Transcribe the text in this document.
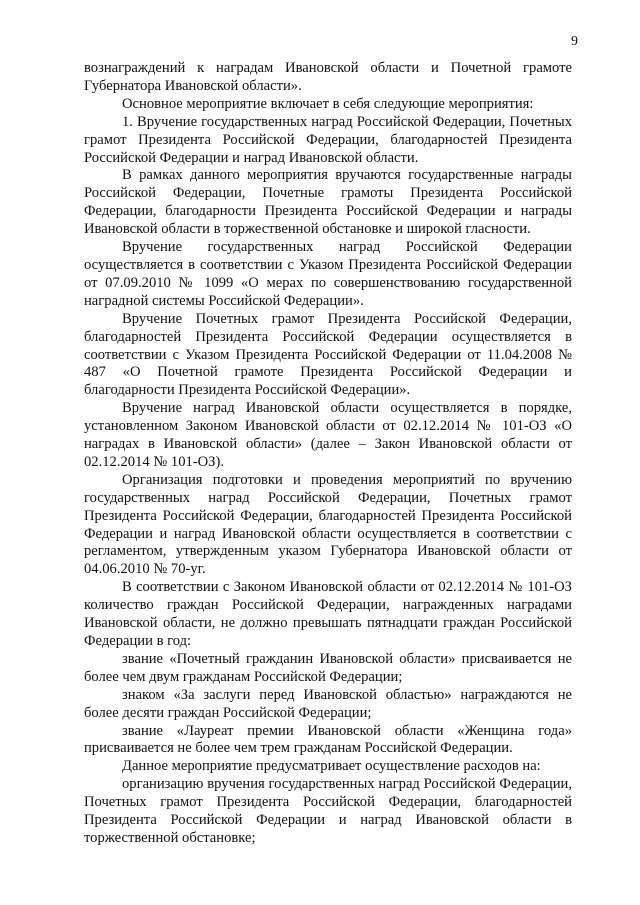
9

вознаграждений к наградам Ивановской области и Почетной грамоте Губернатора Ивановской области».

Основное мероприятие включает в себя следующие мероприятия:

1. Вручение государственных наград Российской Федерации, Почетных грамот Президента Российской Федерации, благодарностей Президента Российской Федерации и наград Ивановской области.

В рамках данного мероприятия вручаются государственные награды Российской Федерации, Почетные грамоты Президента Российской Федерации, благодарности Президента Российской Федерации и награды Ивановской области в торжественной обстановке и широкой гласности.

Вручение государственных наград Российской Федерации осуществляется в соответствии с Указом Президента Российской Федерации от 07.09.2010 № 1099 «О мерах по совершенствованию государственной наградной системы Российской Федерации».

Вручение Почетных грамот Президента Российской Федерации, благодарностей Президента Российской Федерации осуществляется в соответствии с Указом Президента Российской Федерации от 11.04.2008 № 487 «О Почетной грамоте Президента Российской Федерации и благодарности Президента Российской Федерации».

Вручение наград Ивановской области осуществляется в порядке, установленном Законом Ивановской области от 02.12.2014 № 101-ОЗ «О наградах в Ивановской области» (далее – Закон Ивановской области от 02.12.2014 № 101-ОЗ).

Организация подготовки и проведения мероприятий по вручению государственных наград Российской Федерации, Почетных грамот Президента Российской Федерации, благодарностей Президента Российской Федерации и наград Ивановской области осуществляется в соответствии с регламентом, утвержденным указом Губернатора Ивановской области от 04.06.2010 № 70-уг.

В соответствии с Законом Ивановской области от 02.12.2014 № 101-ОЗ количество граждан Российской Федерации, награжденных наградами Ивановской области, не должно превышать пятнадцати граждан Российской Федерации в год:

звание «Почетный гражданин Ивановской области» присваивается не более чем двум гражданам Российской Федерации;

знаком «За заслуги перед Ивановской областью» награждаются не более десяти граждан Российской Федерации;

звание «Лауреат премии Ивановской области «Женщина года» присваивается не более чем трем гражданам Российской Федерации.

Данное мероприятие предусматривает осуществление расходов на:

организацию вручения государственных наград Российской Федерации, Почетных грамот Президента Российской Федерации, благодарностей Президента Российской Федерации и наград Ивановской области в торжественной обстановке;
